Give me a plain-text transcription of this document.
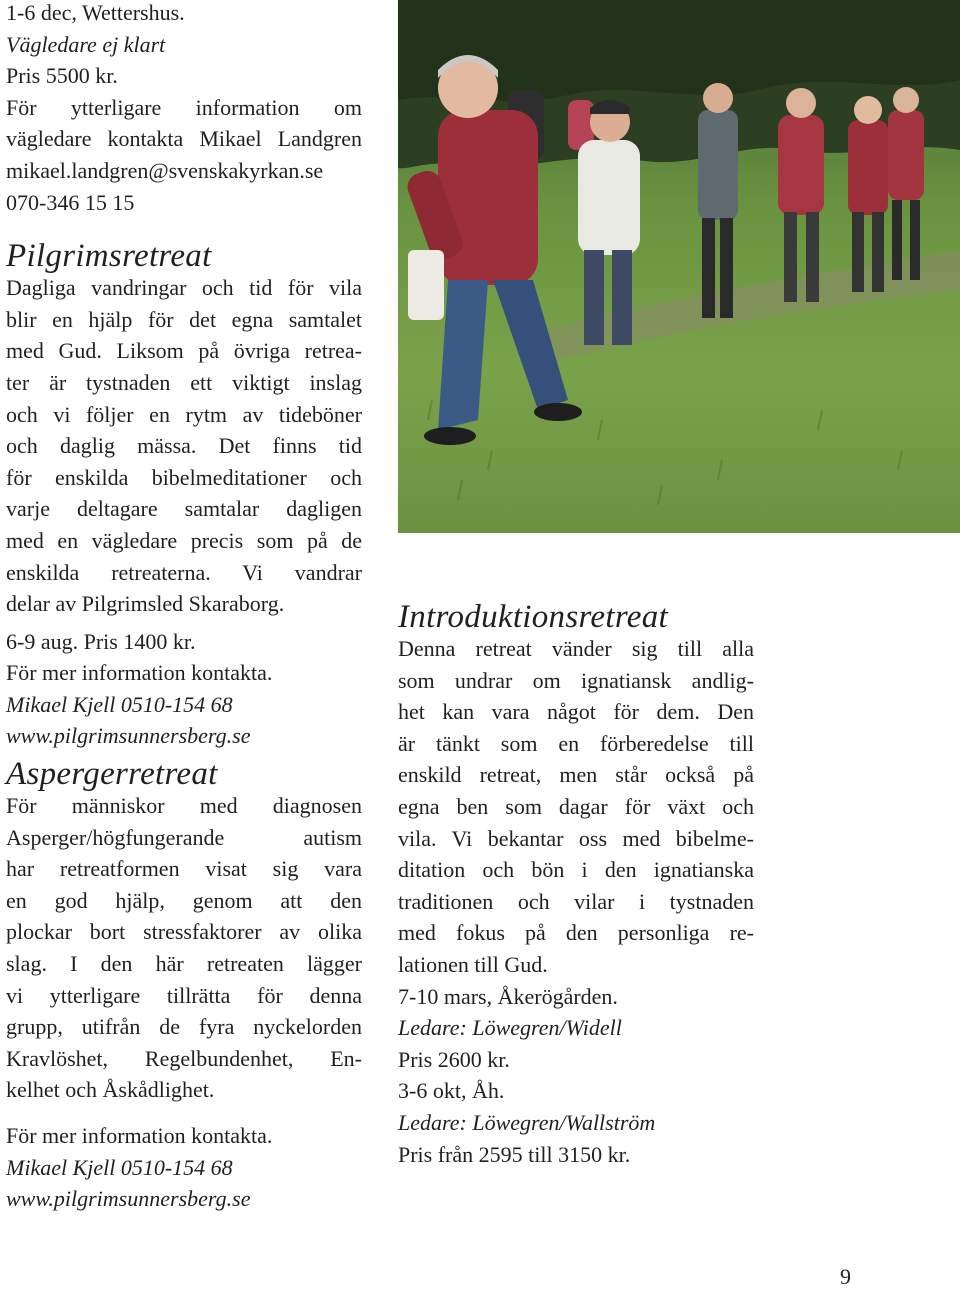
1-6 dec, Wettershus.

Vägledare ej klart

Pris 5500 kr.

För ytterligare information om

vägledare kontakta Mikael Landgren

mikael.landgren@svenskakyrkan.se

070-346 15 15

Pilgrimsretreat

Dagliga vandringar och tid för vila

blir en hjälp för det egna samtalet

med Gud. Liksom på övriga retrea-

ter är tystnaden ett viktigt inslag

och vi följer en rytm av tideböner

och daglig mässa. Det finns tid

för enskilda bibelmeditationer och

varje deltagare samtalar dagligen

med en vägledare precis som på de

enskilda retreaterna. Vi vandrar

delar av Pilgrimsled Skaraborg.

6-9 aug. Pris 1400 kr.

För mer information kontakta.

Mikael Kjell 0510-154 68

www.pilgrimsunnersberg.se

Aspergerretreat

För människor med diagnosen

Asperger/högfungerande autism

har retreatformen visat sig vara

en god hjälp, genom att den

plockar bort stressfaktorer av olika

slag. I den här retreaten lägger

vi ytterligare tillrätta för denna

grupp, utifrån de fyra nyckelorden

Kravlöshet, Regelbundenhet, En-

kelhet och Åskådlighet.

För mer information kontakta.

Mikael Kjell 0510-154 68

www.pilgrimsunnersberg.se

Introduktionsretreat

Denna retreat vänder sig till alla

som undrar om ignatiansk andlig-

het kan vara något för dem. Den

är tänkt som en förberedelse till

enskild retreat, men står också på

egna ben som dagar för växt och

vila. Vi bekantar oss med bibelme-

ditation och bön i den ignatianska

traditionen och vilar i tystnaden

med fokus på den personliga re-

lationen till Gud.

7-10 mars, Åkerögården.

Ledare: Löwegren/Widell

Pris 2600 kr.

3-6 okt, Åh.

Ledare: Löwegren/Wallström

Pris från 2595 till 3150 kr.

9
